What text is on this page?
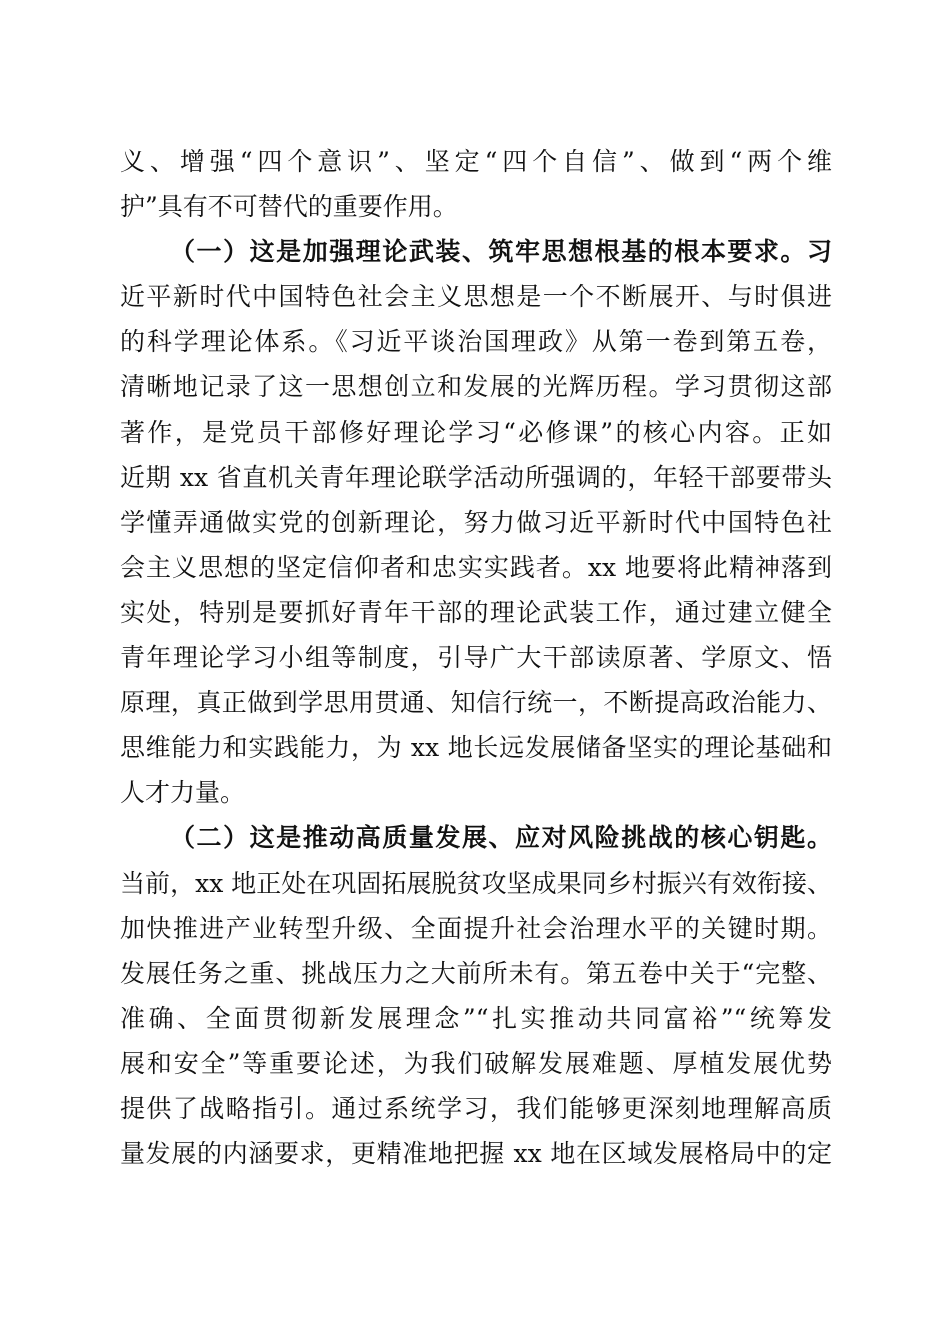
义、增强“四个意识”、坚定“四个自信”、做到“两个维
护”具有不可替代的重要作用。
（一）这是加强理论武装、筑牢思想根基的根本要求。习
近平新时代中国特色社会主义思想是一个不断展开、与时俱进
的科学理论体系。《习近平谈治国理政》从第一卷到第五卷，
清晰地记录了这一思想创立和发展的光辉历程。学习贯彻这部
著作，是党员干部修好理论学习“必修课”的核心内容。正如
近期 xx 省直机关青年理论联学活动所强调的，年轻干部要带头
学懂弄通做实党的创新理论，努力做习近平新时代中国特色社
会主义思想的坚定信仰者和忠实实践者。xx 地要将此精神落到
实处，特别是要抓好青年干部的理论武装工作，通过建立健全
青年理论学习小组等制度，引导广大干部读原著、学原文、悟
原理，真正做到学思用贯通、知信行统一，不断提高政治能力、
思维能力和实践能力，为 xx 地长远发展储备坚实的理论基础和
人才力量。
（二）这是推动高质量发展、应对风险挑战的核心钥匙。
当前，xx 地正处在巩固拓展脱贫攻坚成果同乡村振兴有效衔接、
加快推进产业转型升级、全面提升社会治理水平的关键时期。
发展任务之重、挑战压力之大前所未有。第五卷中关于“完整、
准确、全面贯彻新发展理念”“扎实推动共同富裕”“统筹发
展和安全”等重要论述，为我们破解发展难题、厚植发展优势
提供了战略指引。通过系统学习，我们能够更深刻地理解高质
量发展的内涵要求，更精准地把握 xx 地在区域发展格局中的定
